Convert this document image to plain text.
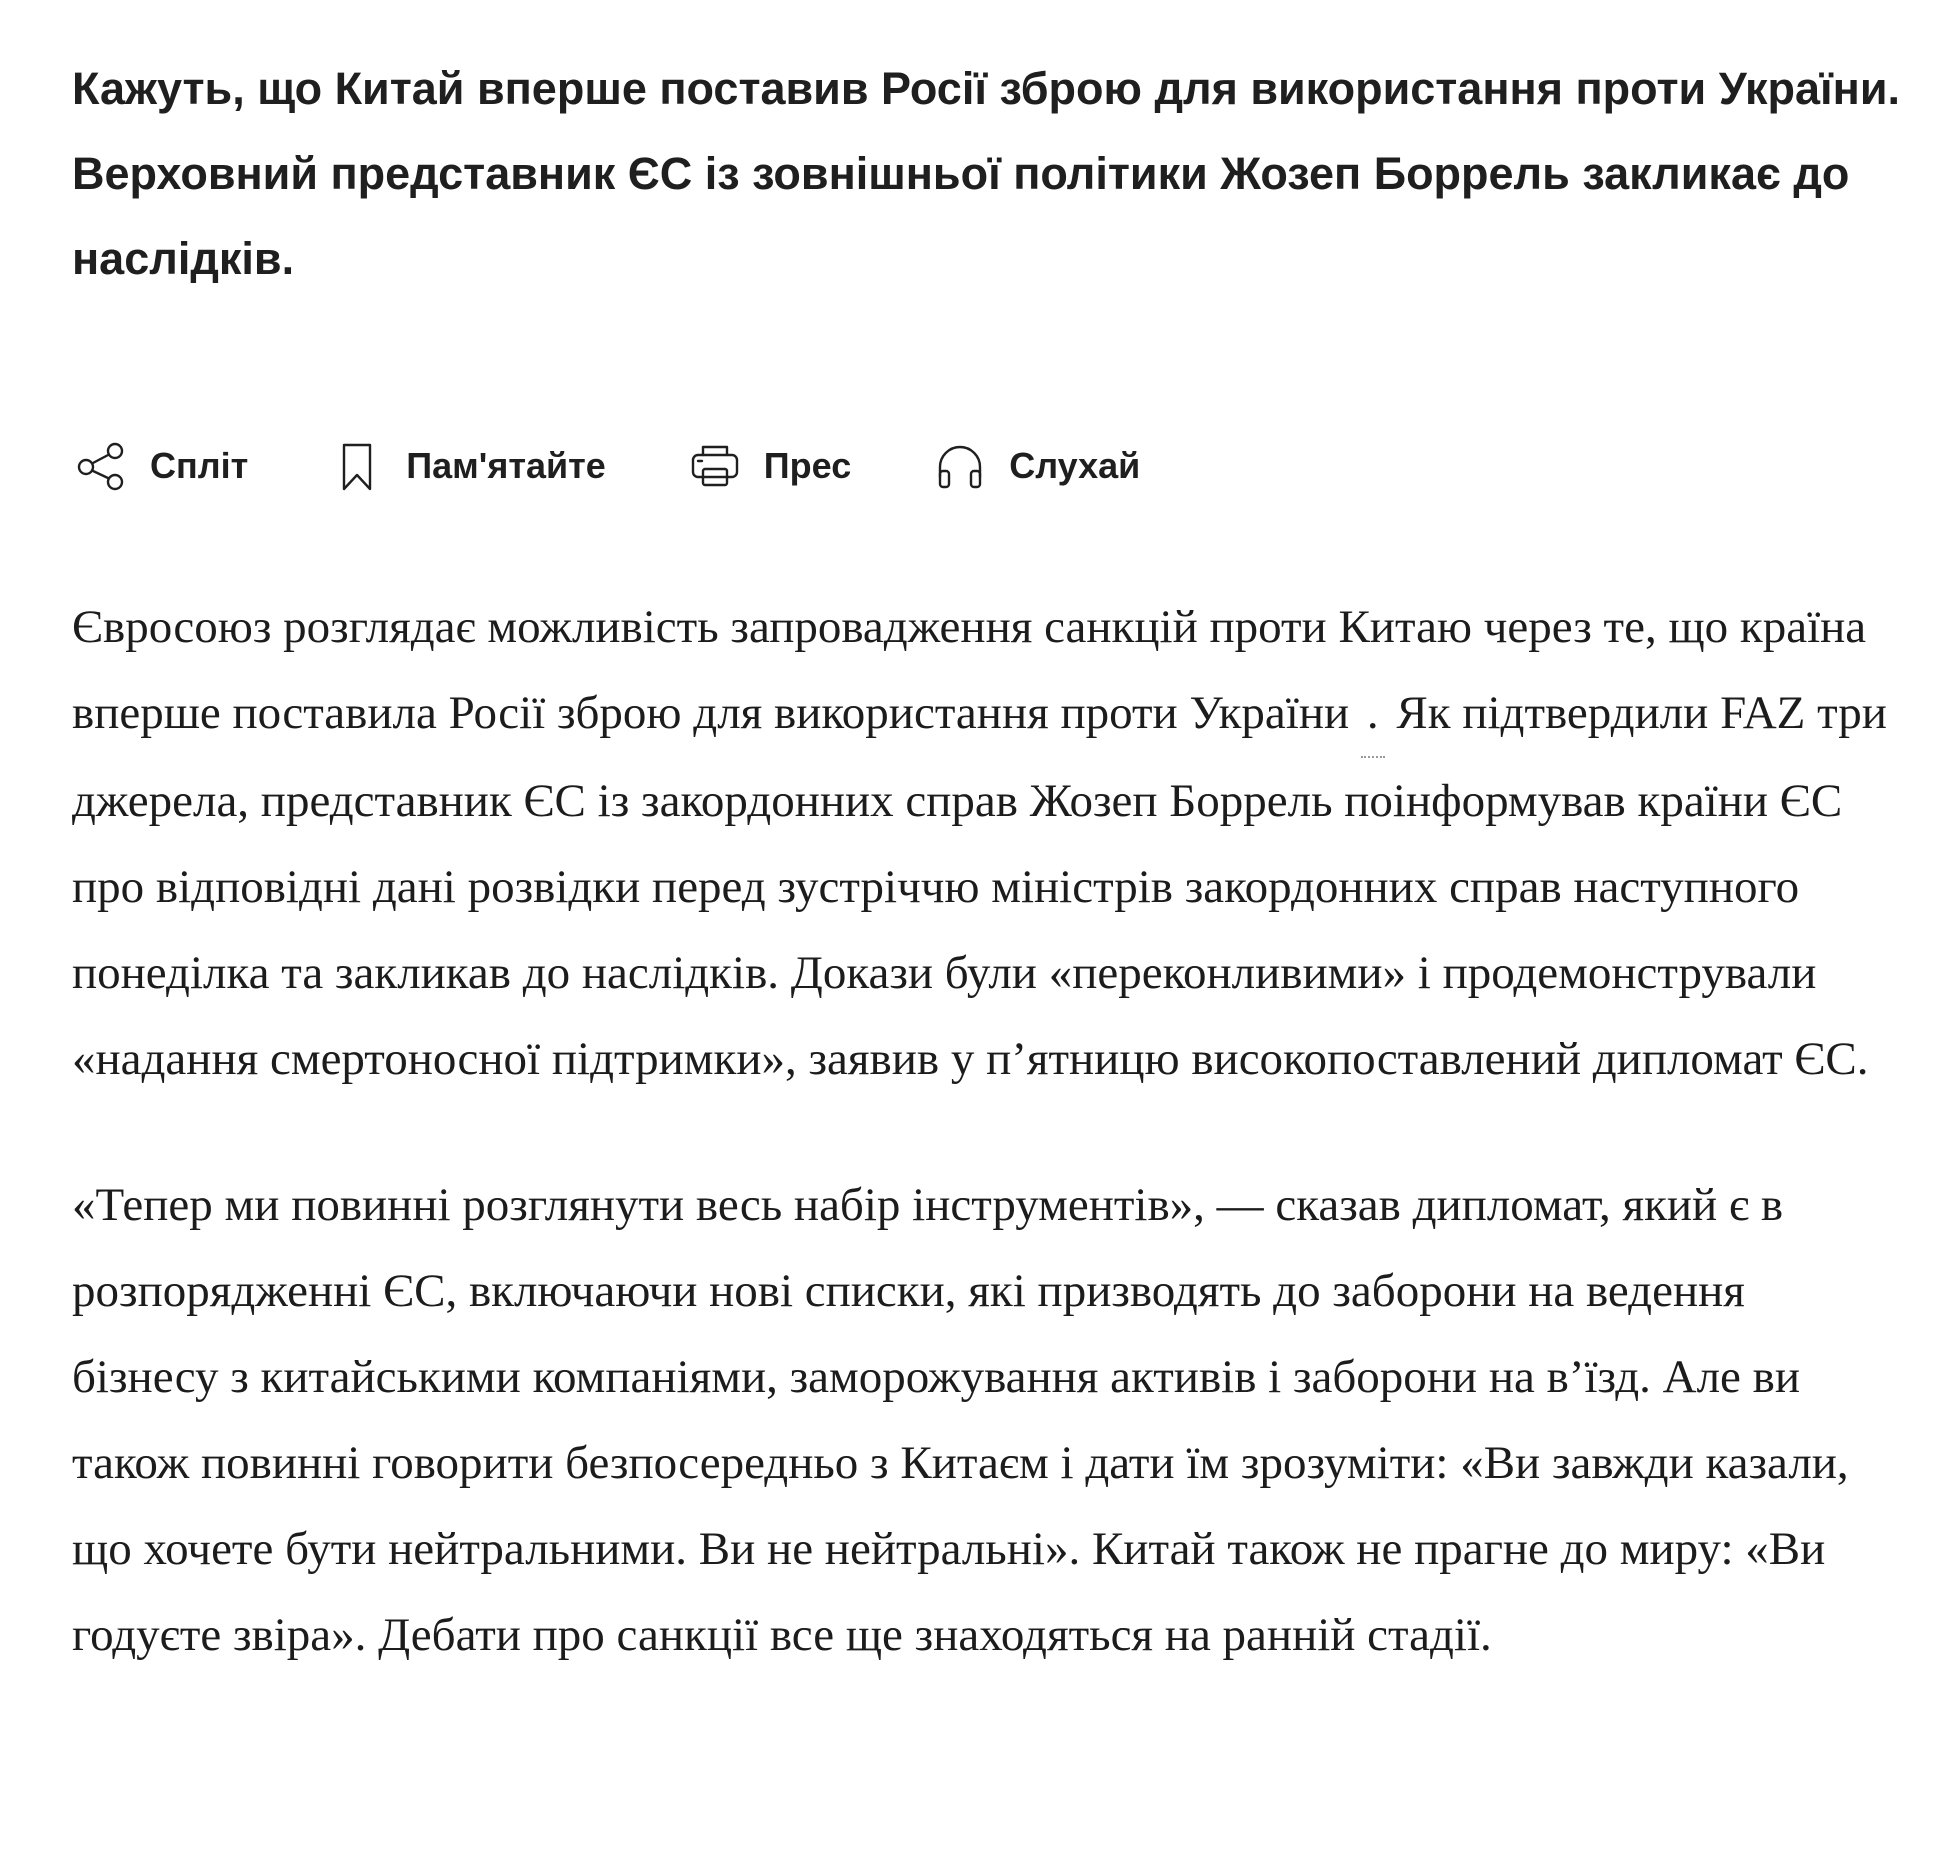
Кажуть, що Китай вперше поставив Росії зброю для використання проти України. Верховний представник ЄС із зовнішньої політики Жозеп Боррель закликає до наслідків.
Спліт	Пам'ятайте	Прес	Слухай

Євросоюз розглядає можливість запровадження санкцій проти Китаю через те, що країна вперше поставила Росії зброю для використання проти України . Як підтвердили FAZ три джерела, представник ЄС із закордонних справ Жозеп Боррель поінформував країни ЄС про відповідні дані розвідки перед зустріччю міністрів закордонних справ наступного понеділка та закликав до наслідків. Докази були «переконливими» і продемонстрували «надання смертоносної підтримки», заявив у п’ятницю високопоставлений дипломат ЄС.

«Тепер ми повинні розглянути весь набір інструментів», — сказав дипломат, який є в розпорядженні ЄС, включаючи нові списки, які призводять до заборони на ведення бізнесу з китайськими компаніями, заморожування активів і заборони на в’їзд. Але ви також повинні говорити безпосередньо з Китаєм і дати їм зрозуміти: «Ви завжди казали, що хочете бути нейтральними. Ви не нейтральні». Китай також не прагне до миру: «Ви годуєте звіра». Дебати про санкції все ще знаходяться на ранній стадії.
